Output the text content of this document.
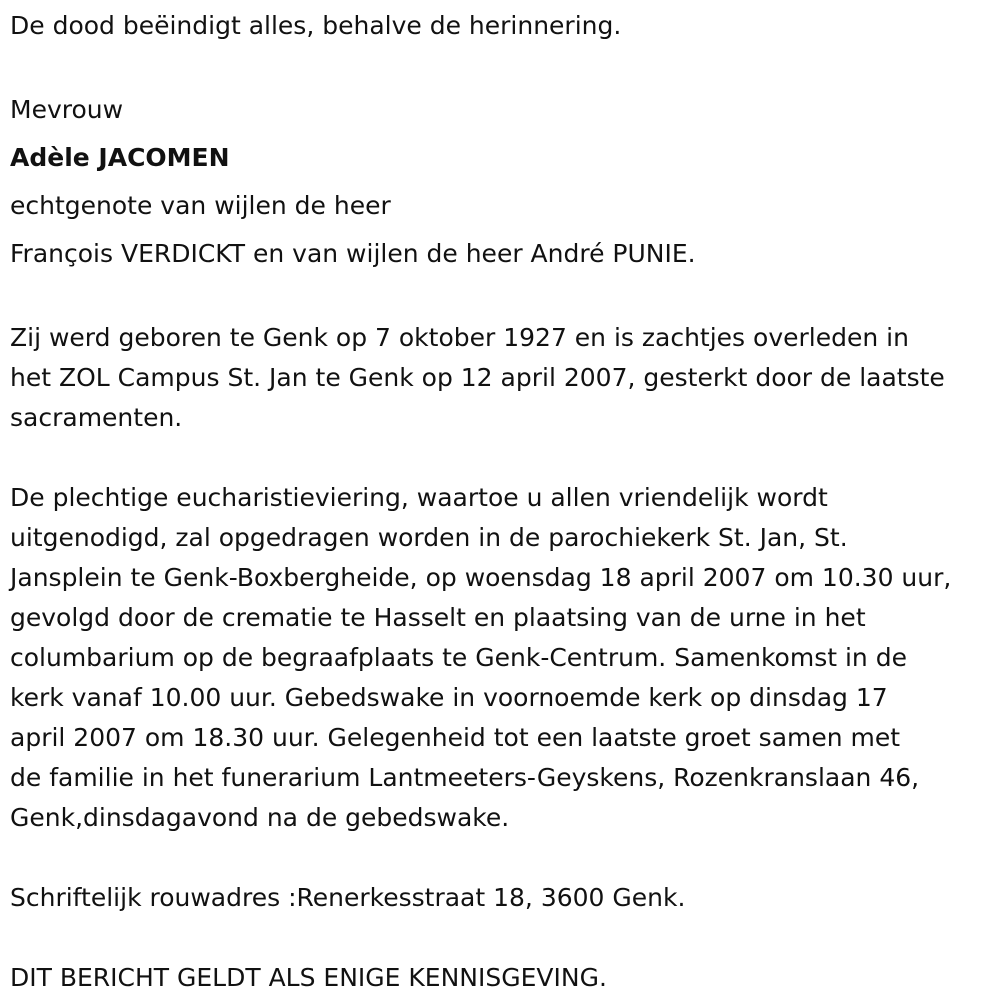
De dood beëindigt alles, behalve de herinnering.

Mevrouw

Adèle JACOMEN

echtgenote van wijlen de heer

François VERDICKT en van wijlen de heer André PUNIE.

Zij werd geboren te Genk op 7 oktober 1927 en is zachtjes overleden in

het ZOL Campus St. Jan te Genk op 12 april 2007, gesterkt door de laatste

sacramenten.

De plechtige eucharistieviering, waartoe u allen vriendelijk wordt

uitgenodigd, zal opgedragen worden in de parochiekerk St. Jan, St.

Jansplein te Genk-Boxbergheide, op woensdag 18 april 2007 om 10.30 uur,

gevolgd door de crematie te Hasselt en plaatsing van de urne in het

columbarium op de begraafplaats te Genk-Centrum. Samenkomst in de

kerk vanaf 10.00 uur. Gebedswake in voornoemde kerk op dinsdag 17

april 2007 om 18.30 uur. Gelegenheid tot een laatste groet samen met

de familie in het funerarium Lantmeeters-Geyskens, Rozenkranslaan 46,

Genk,dinsdagavond na de gebedswake.

Schriftelijk rouwadres :Renerkesstraat 18, 3600 Genk.

DIT BERICHT GELDT ALS ENIGE KENNISGEVING.
